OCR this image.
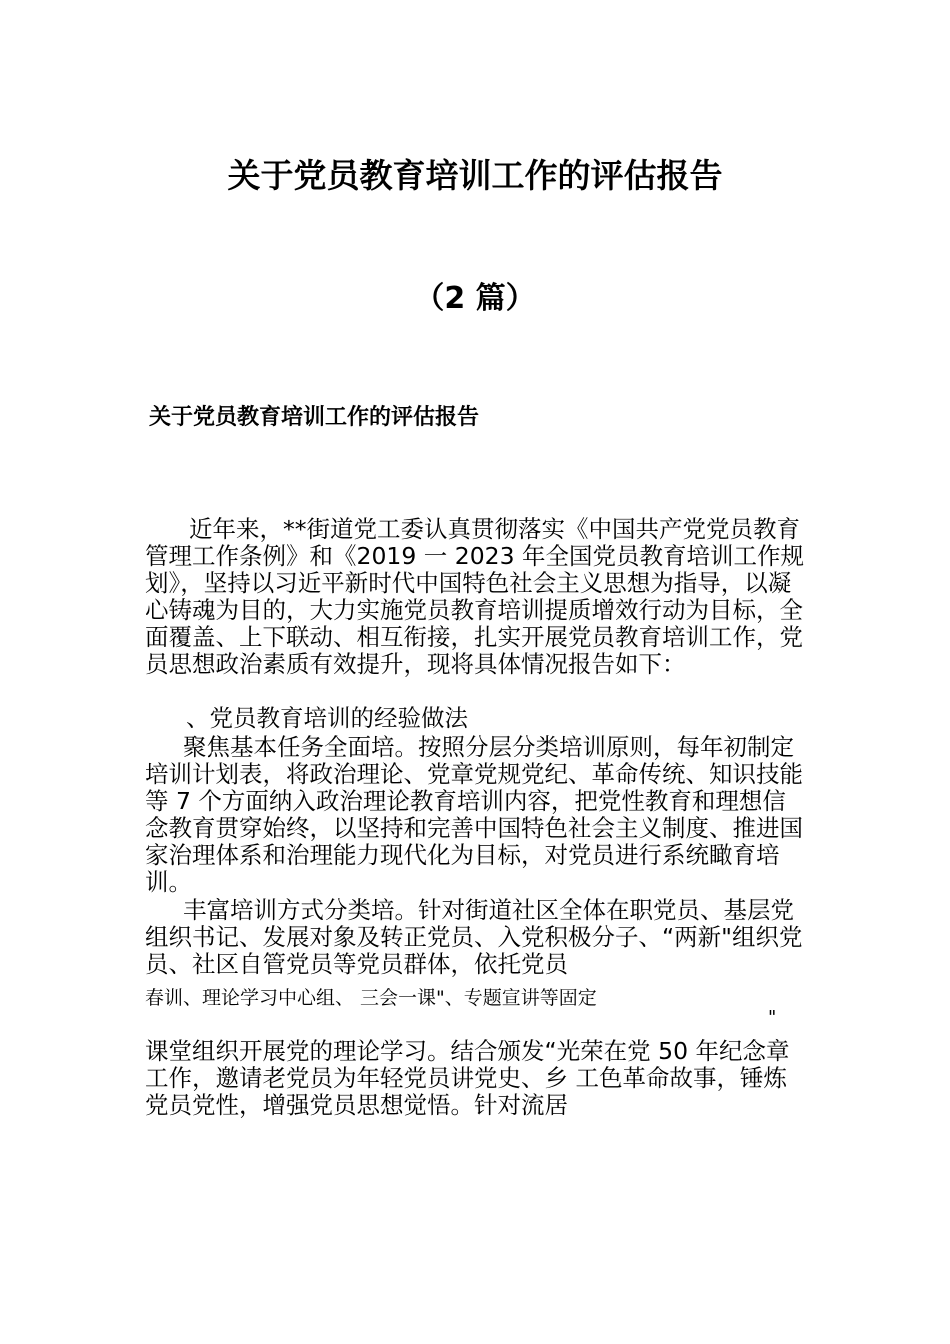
关于党员教育培训工作的评估报告
（2 篇）
关于党员教育培训工作的评估报告

近年来，**街道党工委认真贯彻落实《中国共产党党员教育管理工作条例》和《2019 一 2023 年全国党员教育培训工作规划》，坚持以习近平新时代中国特色社会主义思想为指导，以凝心铸魂为目的，大力实施党员教育培训提质增效行动为目标，全面覆盖、上下联动、相互衔接，扎实开展党员教育培训工作，党员思想政治素质有效提升，现将具体情况报告如下：

、党员教育培训的经验做法

聚焦基本任务全面培。按照分层分类培训原则，每年初制定培训计划表，将政治理论、党章党规党纪、革命传统、知识技能等 7 个方面纳入政治理论教育培训内容，把党性教育和理想信念教育贯穿始终，以坚持和完善中国特色社会主义制度、推进国家治理体系和治理能力现代化为目标，对党员进行系统瞰育培训。

丰富培训方式分类培。针对街道社区全体在职党员、基层党组织书记、发展对象及转正党员、入党积极分子、“两新"组织党员、社区自管党员等党员群体，依托党员

春训、理论学习中心组、 三会一课"、专题宣讲等固定

"

课堂组织开展党的理论学习。结合颁发“光荣在党 50 年纪念章工作，邀请老党员为年轻党员讲党史、乡 工色革命故事，锤炼党员党性，增强党员思想觉悟。针对流居
